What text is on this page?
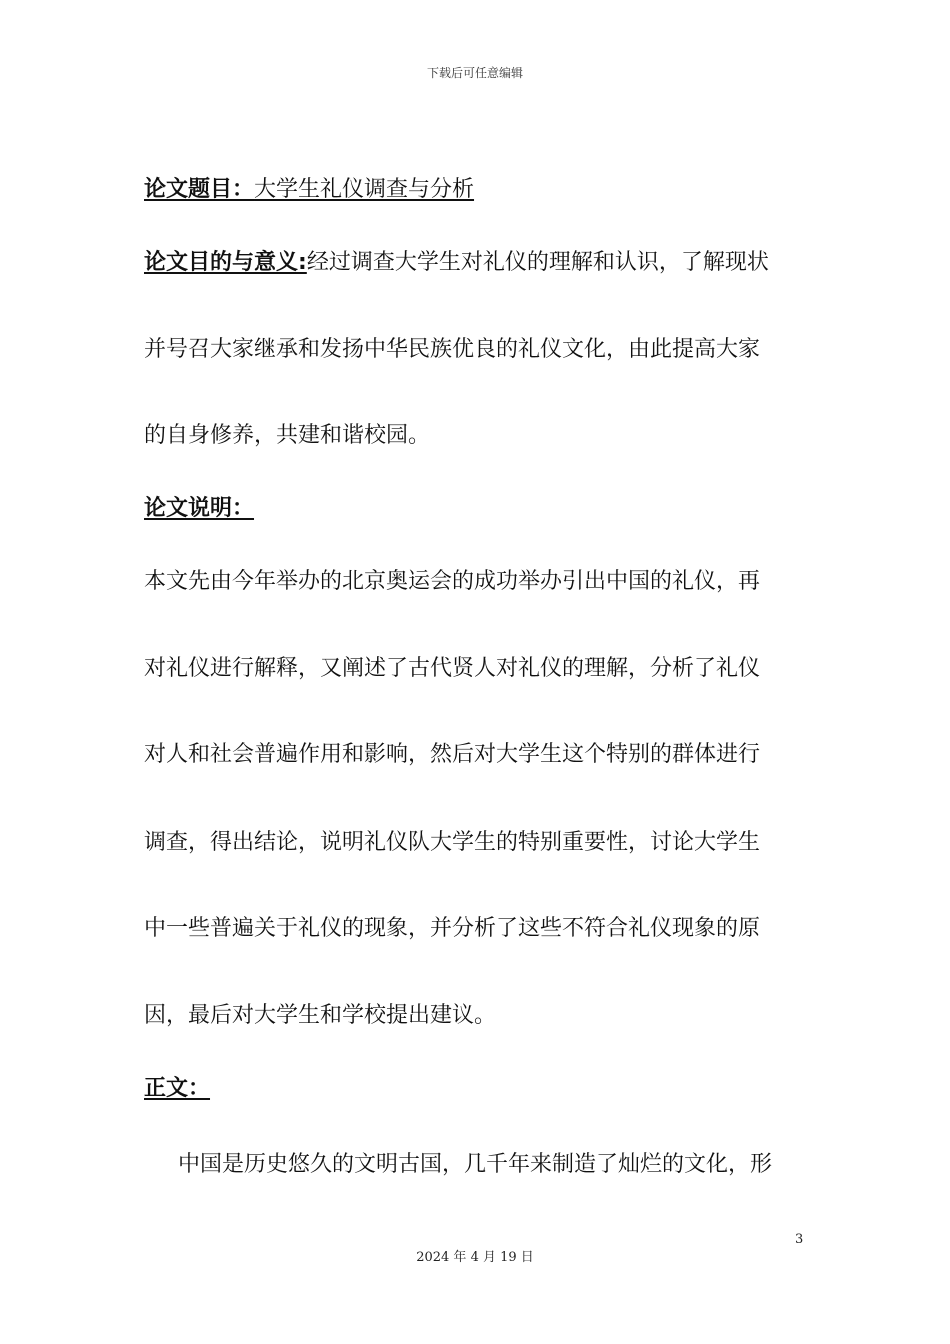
下载后可任意编辑
论文题目：大学生礼仪调查与分析
论文目的与意义:经过调查大学生对礼仪的理解和认识，了解现状
并号召大家继承和发扬中华民族优良的礼仪文化，由此提高大家
的自身修养，共建和谐校园。
论文说明：
本文先由今年举办的北京奥运会的成功举办引出中国的礼仪，再
对礼仪进行解释，又阐述了古代贤人对礼仪的理解，分析了礼仪
对人和社会普遍作用和影响，然后对大学生这个特别的群体进行
调查，得出结论，说明礼仪队大学生的特别重要性，讨论大学生
中一些普遍关于礼仪的现象，并分析了这些不符合礼仪现象的原
因，最后对大学生和学校提出建议。
正文：
中国是历史悠久的文明古国，几千年来制造了灿烂的文化，形
3
2024 年 4 月 19 日
